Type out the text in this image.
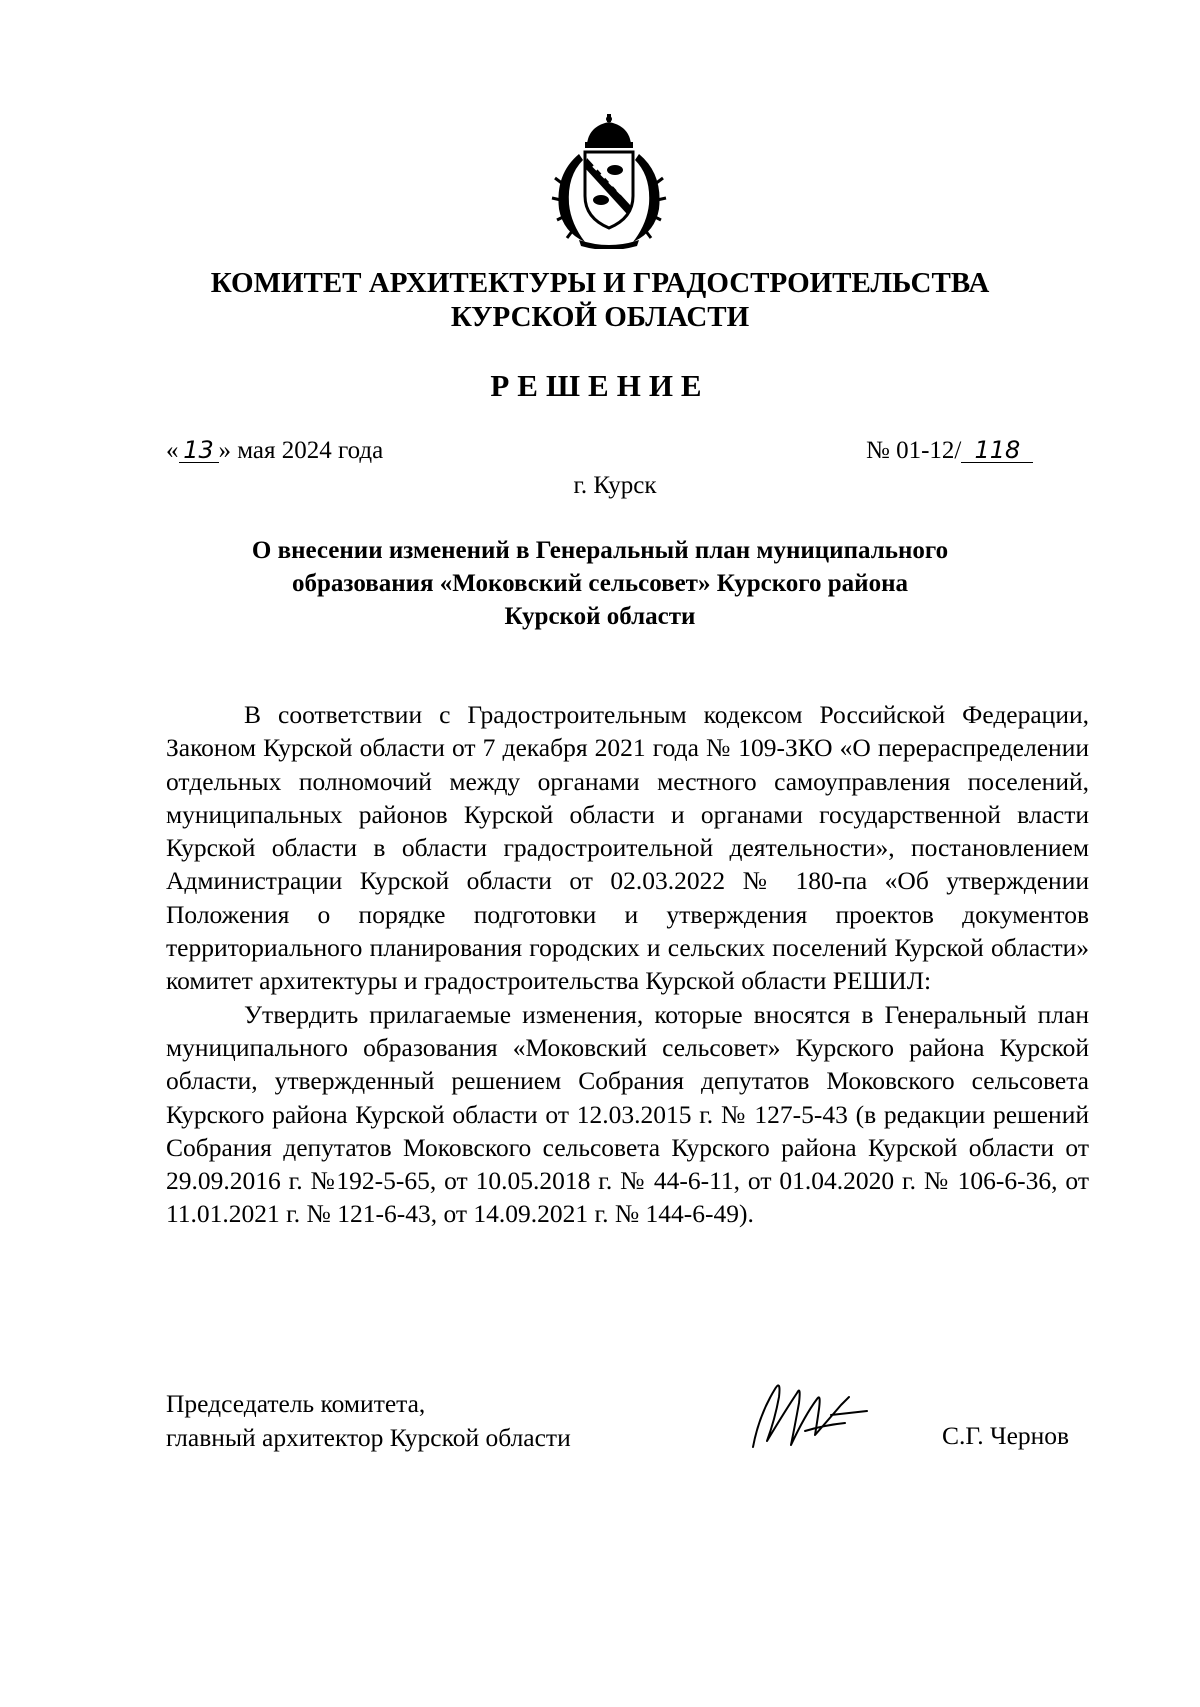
КОМИТЕТ АРХИТЕКТУРЫ И ГРАДОСТРОИТЕЛЬСТВА
КУРСКОЙ ОБЛАСТИ
РЕШЕНИЕ
« 13 » мая 2024 года	№ 01-12/ 118
г. Курск
О внесении изменений в Генеральный план муниципального
образования «Моковский сельсовет» Курского района
Курской области

В соответствии с Градостроительным кодексом Российской Федерации, Законом Курской области от 7 декабря 2021 года № 109-ЗКО «О перераспределении отдельных полномочий между органами местного самоуправления поселений, муниципальных районов Курской области и органами государственной власти Курской области в области градостроительной деятельности», постановлением Администрации Курской области от 02.03.2022 № 180-па «Об утверждении Положения о порядке подготовки и утверждения проектов документов территориального планирования городских и сельских поселений Курской области» комитет архитектуры и градостроительства Курской области РЕШИЛ:

Утвердить прилагаемые изменения, которые вносятся в Генеральный план муниципального образования «Моковский сельсовет» Курского района Курской области, утвержденный решением Собрания депутатов Моковского сельсовета Курского района Курской области от 12.03.2015 г. № 127-5-43 (в редакции решений Собрания депутатов Моковского сельсовета Курского района Курской области от 29.09.2016 г. №192-5-65, от 10.05.2018 г. № 44-6-11, от 01.04.2020 г. № 106-6-36, от 11.01.2021 г. № 121-6-43, от 14.09.2021 г. № 144-6-49).

Председатель комитета,
главный архитектор Курской области	С.Г. Чернов
